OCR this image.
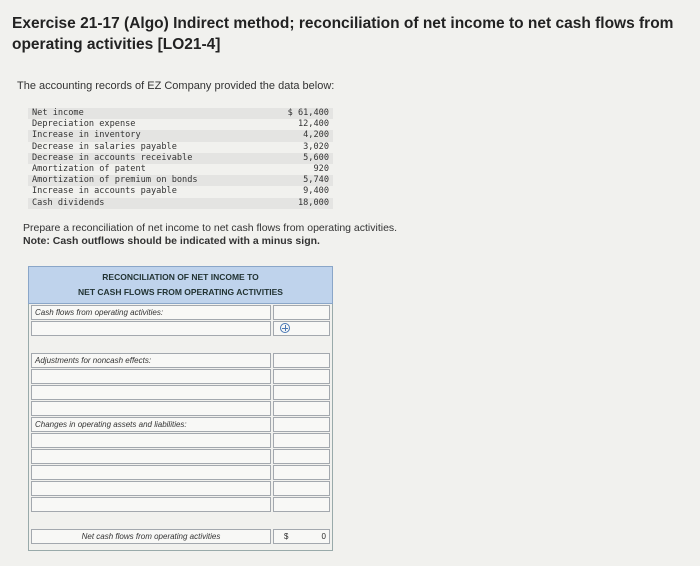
Exercise 21-17 (Algo) Indirect method; reconciliation of net income to net cash flows from operating activities [LO21-4]
The accounting records of EZ Company provided the data below:
Net income	$ 61,400
Depreciation expense	12,400
Increase in inventory	4,200
Decrease in salaries payable	3,020
Decrease in accounts receivable	5,600
Amortization of patent	920
Amortization of premium on bonds	5,740
Increase in accounts payable	9,400
Cash dividends	18,000
Prepare a reconciliation of net income to net cash flows from operating activities.
Note: Cash outflows should be indicated with a minus sign.
RECONCILIATION OF NET INCOME TO
NET CASH FLOWS FROM OPERATING ACTIVITIES
Cash flows from operating activities:
Adjustments for noncash effects:
Changes in operating assets and liabilities:
Net cash flows from operating activities	$	0
